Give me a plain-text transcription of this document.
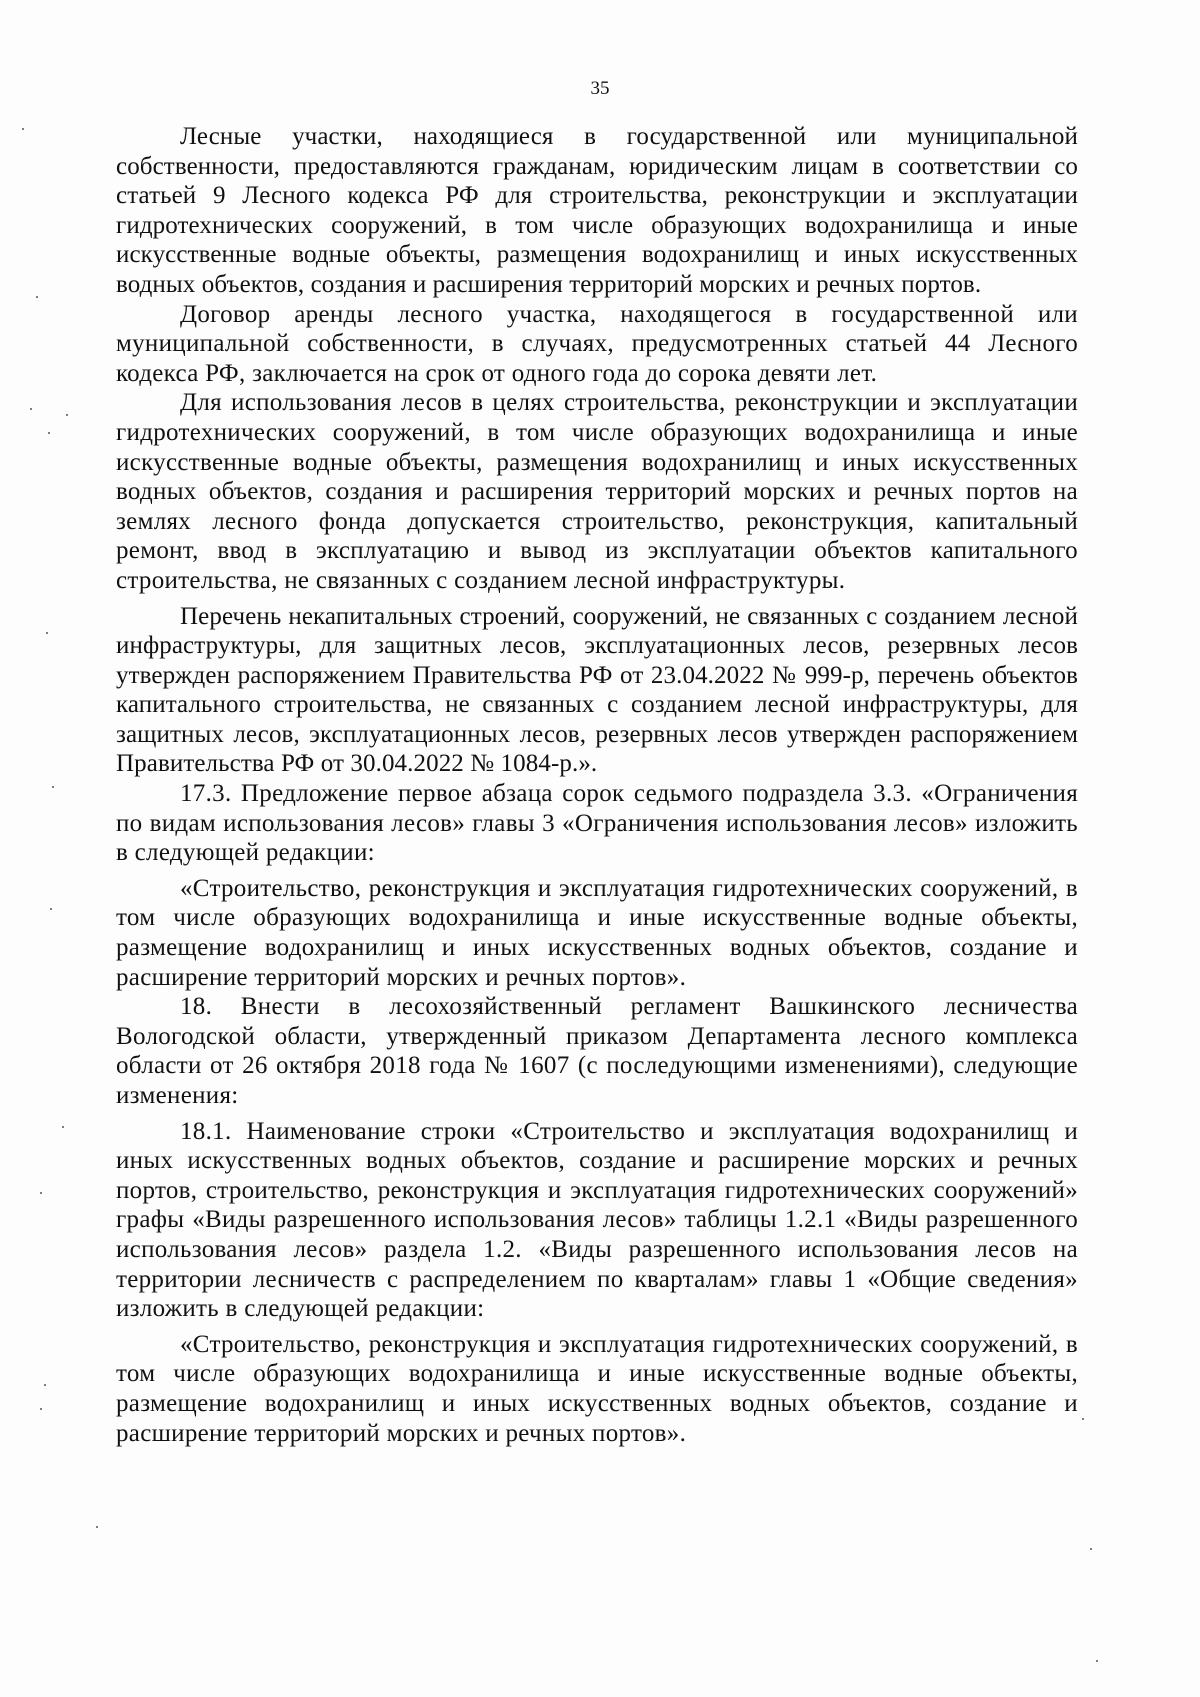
35

Лесные участки, находящиеся в государственной или муниципальной собственности, предоставляются гражданам, юридическим лицам в соответствии со статьей 9 Лесного кодекса РФ для строительства, реконструкции и эксплуатации гидротехнических сооружений, в том числе образующих водохранилища и иные искусственные водные объекты, размещения водохранилищ и иных искусственных водных объектов, создания и расширения территорий морских и речных портов.

Договор аренды лесного участка, находящегося в государственной или муниципальной собственности, в случаях, предусмотренных статьей 44 Лесного кодекса РФ, заключается на срок от одного года до сорока девяти лет.

Для использования лесов в целях строительства, реконструкции и эксплуатации гидротехнических сооружений, в том числе образующих водохранилища и иные искусственные водные объекты, размещения водохранилищ и иных искусственных водных объектов, создания и расширения территорий морских и речных портов на землях лесного фонда допускается строительство, реконструкция, капитальный ремонт, ввод в эксплуатацию и вывод из эксплуатации объектов капитального строительства, не связанных с созданием лесной инфраструктуры.

Перечень некапитальных строений, сооружений, не связанных с созданием лесной инфраструктуры, для защитных лесов, эксплуатационных лесов, резервных лесов утвержден распоряжением Правительства РФ от 23.04.2022 № 999-р, перечень объектов капитального строительства, не связанных с созданием лесной инфраструктуры, для защитных лесов, эксплуатационных лесов, резервных лесов утвержден распоряжением Правительства РФ от 30.04.2022 № 1084-р.».

17.3. Предложение первое абзаца сорок седьмого подраздела 3.3. «Ограничения по видам использования лесов» главы 3 «Ограничения использования лесов» изложить в следующей редакции:

«Строительство, реконструкция и эксплуатация гидротехнических сооружений, в том числе образующих водохранилища и иные искусственные водные объекты, размещение водохранилищ и иных искусственных водных объектов, создание и расширение территорий морских и речных портов».

18. Внести в лесохозяйственный регламент Вашкинского лесничества Вологодской области, утвержденный приказом Департамента лесного комплекса области от 26 октября 2018 года № 1607 (с последующими изменениями), следующие изменения:

18.1. Наименование строки «Строительство и эксплуатация водохранилищ и иных искусственных водных объектов, создание и расширение морских и речных портов, строительство, реконструкция и эксплуатация гидротехнических сооружений» графы «Виды разрешенного использования лесов» таблицы 1.2.1 «Виды разрешенного использования лесов» раздела 1.2. «Виды разрешенного использования лесов на территории лесничеств с распределением по кварталам» главы 1 «Общие сведения» изложить в следующей редакции:

«Строительство, реконструкция и эксплуатация гидротехнических сооружений, в том числе образующих водохранилища и иные искусственные водные объекты, размещение водохранилищ и иных искусственных водных объектов, создание и расширение территорий морских и речных портов».
